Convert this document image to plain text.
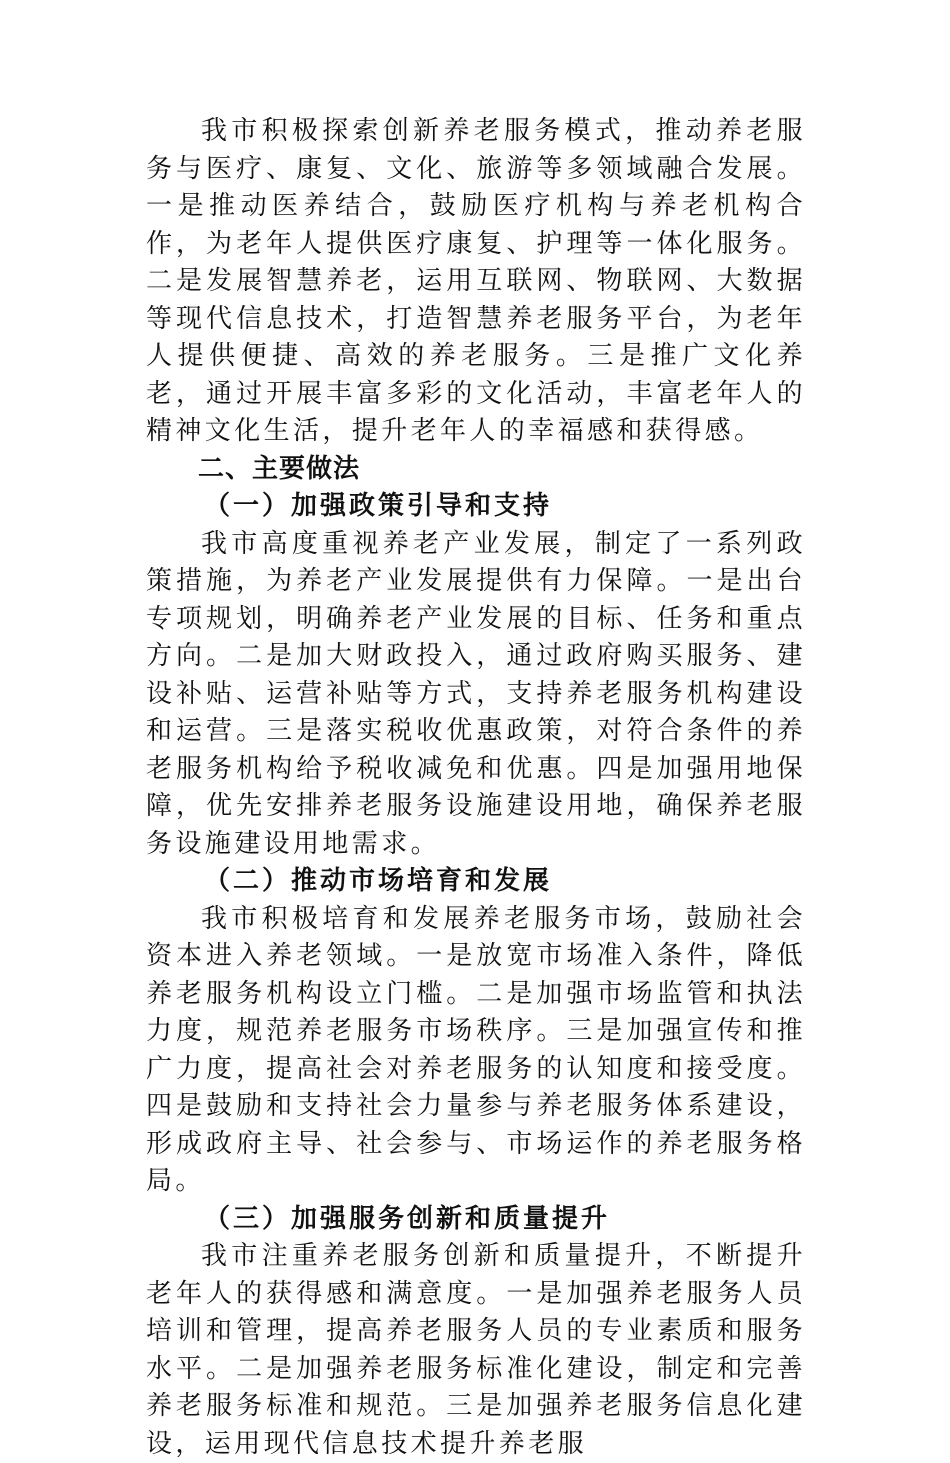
我市积极探索创新养老服务模式，推动养老服务与医疗、康复、文化、旅游等多领域融合发展。一是推动医养结合，鼓励医疗机构与养老机构合作，为老年人提供医疗康复、护理等一体化服务。二是发展智慧养老，运用互联网、物联网、大数据等现代信息技术，打造智慧养老服务平台，为老年人提供便捷、高效的养老服务。三是推广文化养老，通过开展丰富多彩的文化活动，丰富老年人的精神文化生活，提升老年人的幸福感和获得感。

二、主要做法
（一）加强政策引导和支持

我市高度重视养老产业发展，制定了一系列政策措施，为养老产业发展提供有力保障。一是出台专项规划，明确养老产业发展的目标、任务和重点方向。二是加大财政投入，通过政府购买服务、建设补贴、运营补贴等方式，支持养老服务机构建设和运营。三是落实税收优惠政策，对符合条件的养老服务机构给予税收减免和优惠。四是加强用地保障，优先安排养老服务设施建设用地，确保养老服务设施建设用地需求。

（二）推动市场培育和发展

我市积极培育和发展养老服务市场，鼓励社会资本进入养老领域。一是放宽市场准入条件，降低养老服务机构设立门槛。二是加强市场监管和执法力度，规范养老服务市场秩序。三是加强宣传和推广力度，提高社会对养老服务的认知度和接受度。四是鼓励和支持社会力量参与养老服务体系建设，形成政府主导、社会参与、市场运作的养老服务格局。

（三）加强服务创新和质量提升

我市注重养老服务创新和质量提升，不断提升老年人的获得感和满意度。一是加强养老服务人员培训和管理，提高养老服务人员的专业素质和服务水平。二是加强养老服务标准化建设，制定和完善养老服务标准和规范。三是加强养老服务信息化建设，运用现代信息技术提升养老服
